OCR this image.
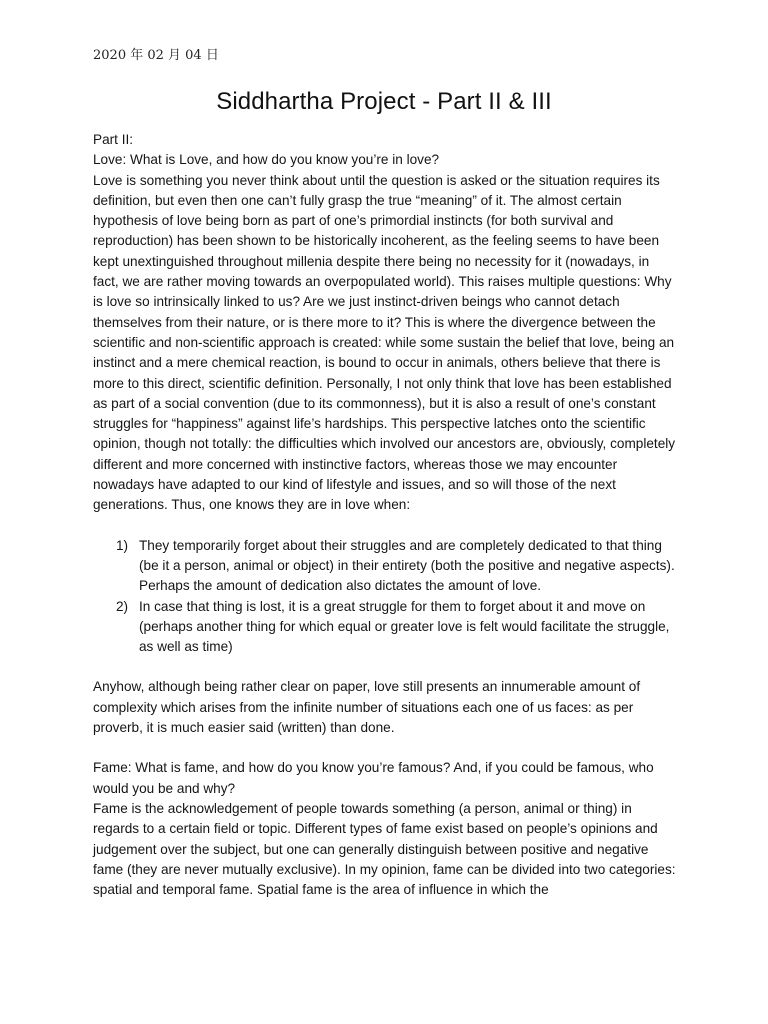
2020 年 02 月 04 日
Siddhartha Project - Part II & III

Part II:

Love: What is Love, and how do you know you’re in love?

Love is something you never think about until the question is asked or the situation requires its definition, but even then one can’t fully grasp the true “meaning” of it. The almost certain hypothesis of love being born as part of one’s primordial instincts (for both survival and reproduction) has been shown to be historically incoherent, as the feeling seems to have been kept unextinguished throughout millenia despite there being no necessity for it (nowadays, in fact, we are rather moving towards an overpopulated world). This raises multiple questions: Why is love so intrinsically linked to us? Are we just instinct-driven beings who cannot detach themselves from their nature, or is there more to it? This is where the divergence between the scientific and non-scientific approach is created: while some sustain the belief that love, being an instinct and a mere chemical reaction, is bound to occur in animals, others believe that there is more to this direct, scientific definition. Personally, I not only think that love has been established as part of a social convention (due to its commonness), but it is also a result of one’s constant struggles for “happiness” against life’s hardships. This perspective latches onto the scientific opinion, though not totally: the difficulties which involved our ancestors are, obviously, completely different and more concerned with instinctive factors, whereas those we may encounter nowadays have adapted to our kind of lifestyle and issues, and so will those of the next generations. Thus, one knows they are in love when:

1) They temporarily forget about their struggles and are completely dedicated to that thing (be it a person, animal or object) in their entirety (both the positive and negative aspects). Perhaps the amount of dedication also dictates the amount of love.
2) In case that thing is lost, it is a great struggle for them to forget about it and move on (perhaps another thing for which equal or greater love is felt would facilitate the struggle, as well as time)

Anyhow, although being rather clear on paper, love still presents an innumerable amount of complexity which arises from the infinite number of situations each one of us faces: as per proverb, it is much easier said (written) than done.

Fame: What is fame, and how do you know you’re famous? And, if you could be famous, who would you be and why?

Fame is the acknowledgement of people towards something (a person, animal or thing) in regards to a certain field or topic. Different types of fame exist based on people’s opinions and judgement over the subject, but one can generally distinguish between positive and negative fame (they are never mutually exclusive). In my opinion, fame can be divided into two categories: spatial and temporal fame. Spatial fame is the area of influence in which the
